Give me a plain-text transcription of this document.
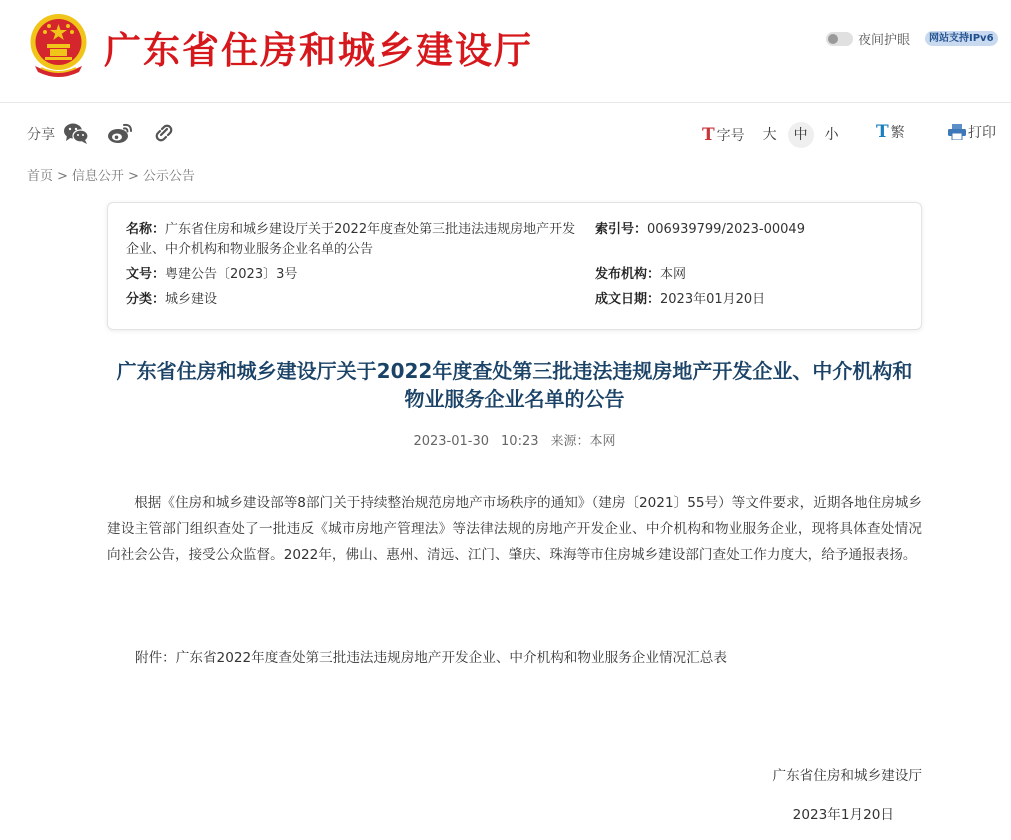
广东省住房和城乡建设厅	夜间护眼	网站支持IPv6
分享	T 字号	大	中	小	T 繁	打印
首页 > 信息公开 > 公示公告
名称：广东省住房和城乡建设厅关于2022年度查处第三批违法违规房地产开发企业、中介机构和物业服务企业名单的公告
索引号：006939799/2023-00049
文号：粤建公告〔2023〕3号	发布机构：本网
分类：城乡建设	成文日期：2023年01月20日
广东省住房和城乡建设厅关于2022年度查处第三批违法违规房地产开发企业、中介机构和物业服务企业名单的公告
2023-01-30 10:23 来源：本网

根据《住房和城乡建设部等8部门关于持续整治规范房地产市场秩序的通知》（建房〔2021〕55号）等文件要求，近期各地住房城乡建设主管部门组织查处了一批违反《城市房地产管理法》等法律法规的房地产开发企业、中介机构和物业服务企业，现将具体查处情况向社会公告，接受公众监督。2022年，佛山、惠州、清远、江门、肇庆、珠海等市住房城乡建设部门查处工作力度大，给予通报表扬。

附件：广东省2022年度查处第三批违法违规房地产开发企业、中介机构和物业服务企业情况汇总表
广东省住房和城乡建设厅
2023年1月20日
